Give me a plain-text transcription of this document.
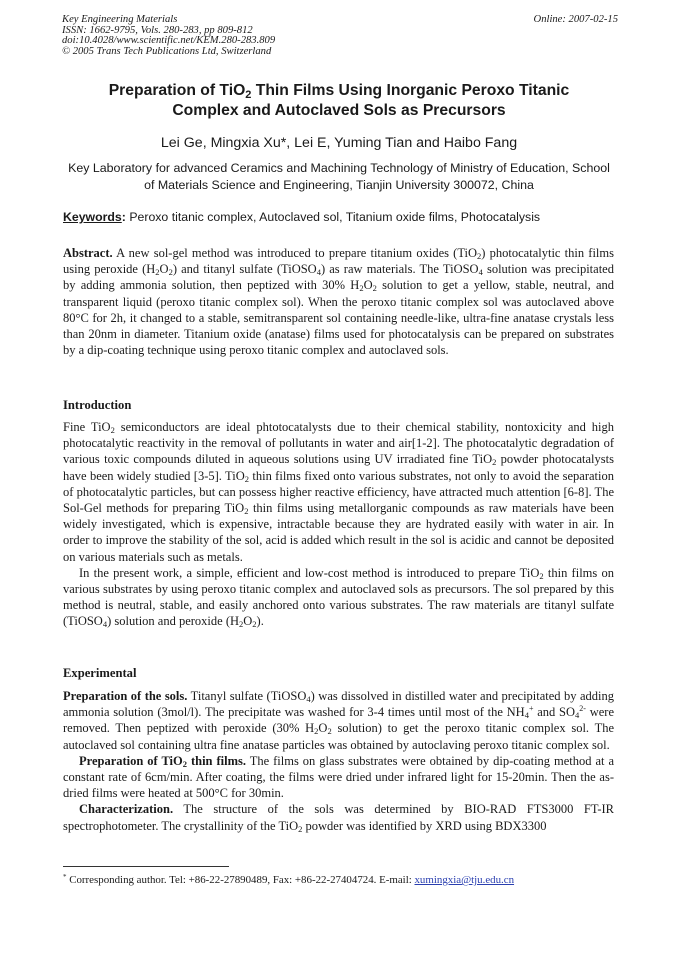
Key Engineering Materials
ISSN: 1662-9795, Vols. 280-283, pp 809-812
doi:10.4028/www.scientific.net/KEM.280-283.809
© 2005 Trans Tech Publications Ltd, Switzerland
Online: 2007-02-15
Preparation of TiO$_2$ Thin Films Using Inorganic Peroxo Titanic
Complex and Autoclaved Sols as Precursors
Lei Ge, Mingxia Xu*, Lei E, Yuming Tian and Haibo Fang
Key Laboratory for advanced Ceramics and Machining Technology of Ministry of Education, School
of Materials Science and Engineering, Tianjin University 300072, China
Keywords: Peroxo titanic complex, Autoclaved sol, Titanium oxide films, Photocatalysis

Abstract. A new sol-gel method was introduced to prepare titanium oxides (TiO$_2$) photocatalytic thin films using peroxide $(H_2O_2)$ and titanyl sulfate (TiOSO$_4$) as raw materials. The TiOSO$_4$ solution was precipitated by adding ammonia solution, then peptized with 30% $H_2O_2$ solution to get a yellow, stable, neutral, and transparent liquid (peroxo titanic complex sol). When the peroxo titanic complex sol was autoclaved above 80°C for 2h, it changed to a stable, semitransparent sol containing needle-like, ultra-fine anatase crystals less than 20nm in diameter. Titanium oxide (anatase) films used for photocatalysis can be prepared on substrates by a dip-coating technique using peroxo titanic complex and autoclaved sols.

Introduction

Fine TiO$_2$ semiconductors are ideal phtotocatalysts due to their chemical stability, nontoxicity and high photocatalytic reactivity in the removal of pollutants in water and air[1-2]. The photocatalytic degradation of various toxic compounds diluted in aqueous solutions using UV irradiated fine TiO$_2$ powder photocatalysts have been widely studied [3-5]. TiO$_2$ thin films fixed onto various substrates, not only to avoid the separation of photocatalytic particles, but can possess higher reactive efficiency, have attracted much attention [6-8]. The Sol-Gel methods for preparing TiO$_2$ thin films using metallorganic compounds as raw materials have been widely investigated, which is expensive, intractable because they are hydrated easily with water in air. In order to improve the stability of the sol, acid is added which result in the sol is acidic and cannot be deposited on various materials such as metals.

In the present work, a simple, efficient and low-cost method is introduced to prepare TiO$_2$ thin films on various substrates by using peroxo titanic complex and autoclaved sols as precursors. The sol prepared by this method is neutral, stable, and easily anchored onto various substrates. The raw materials are titanyl sulfate (TiOSO$_4$) solution and peroxide $(H_2O_2)$.

Experimental

Preparation of the sols. Titanyl sulfate (TiOSO$_4$) was dissolved in distilled water and precipitated by adding ammonia solution (3mol/l). The precipitate was washed for 3-4 times until most of the $NH_4^+$ and $SO_4^{2-}$ were removed. Then peptized with peroxide (30% $H_2O_2$ solution) to get the peroxo titanic complex sol. The autoclaved sol containing ultra fine anatase particles was obtained by autoclaving peroxo titanic complex sol.

Preparation of TiO$_2$ thin films. The films on glass substrates were obtained by dip-coating method at a constant rate of 6cm/min. After coating, the films were dried under infrared light for 15-20min. Then the as-dried films were heated at 500°C for 30min.

Characterization. The structure of the sols was determined by BIO-RAD FTS3000 FT-IR spectrophotometer. The crystallinity of the TiO$_2$ powder was identified by XRD using BDX3300

* Corresponding author. Tel: +86-22-27890489, Fax: +86-22-27404724. E-mail: xumingxia@tju.edu.cn
